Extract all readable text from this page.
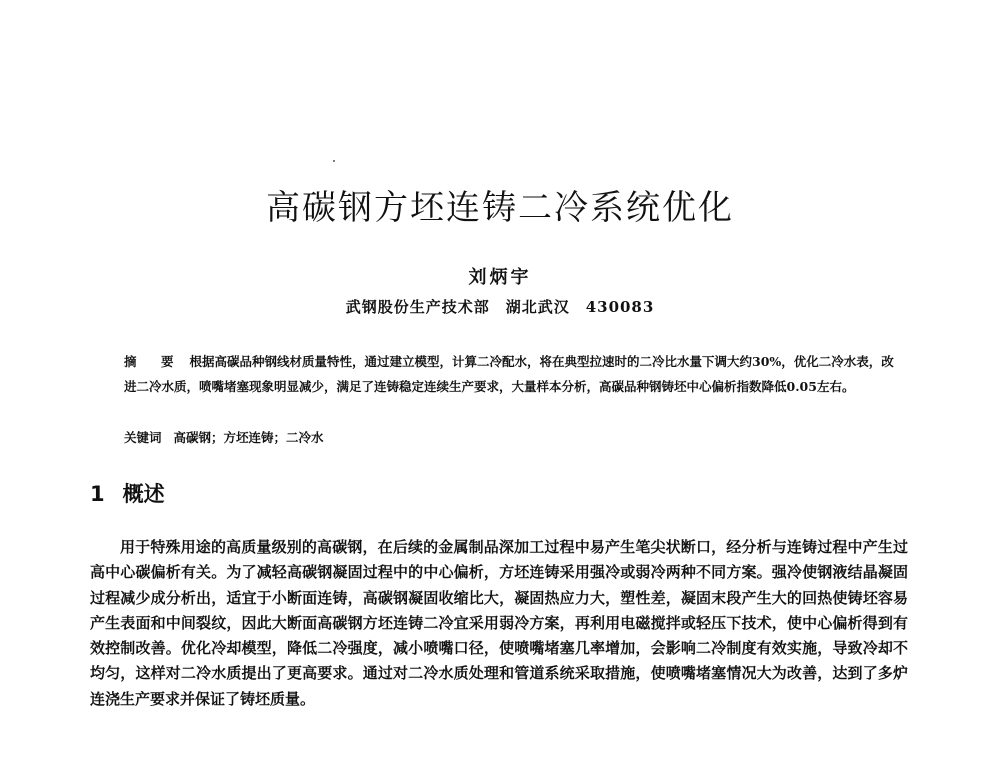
高碳钢方坯连铸二冷系统优化
刘炳宇
武钢股份生产技术部　湖北武汉　430083
摘　要 根据高碳品种钢线材质量特性，通过建立模型，计算二冷配水，将在典型拉速时的二冷比水量下调大约30%，优化二冷水表，改进二冷水质，喷嘴堵塞现象明显减少，满足了连铸稳定连续生产要求，大量样本分析，高碳品种钢铸坯中心偏析指数降低0.05左右。
关键词 高碳钢；方坯连铸；二冷水
1 概述

用于特殊用途的高质量级别的高碳钢，在后续的金属制品深加工过程中易产生笔尖状断口，经分析与连铸过程中产生过高中心碳偏析有关。为了减轻高碳钢凝固过程中的中心偏析，方坯连铸采用强冷或弱冷两种不同方案。强冷使钢液结晶凝固过程减少成分析出，适宜于小断面连铸，高碳钢凝固收缩比大，凝固热应力大，塑性差，凝固末段产生大的回热使铸坯容易产生表面和中间裂纹，因此大断面高碳钢方坯连铸二冷宜采用弱冷方案，再利用电磁搅拌或轻压下技术，使中心偏析得到有效控制改善。优化冷却模型，降低二冷强度，减小喷嘴口径，使喷嘴堵塞几率增加，会影响二冷制度有效实施，导致冷却不均匀，这样对二冷水质提出了更高要求。通过对二冷水质处理和管道系统采取措施，使喷嘴堵塞情况大为改善，达到了多炉连浇生产要求并保证了铸坯质量。
